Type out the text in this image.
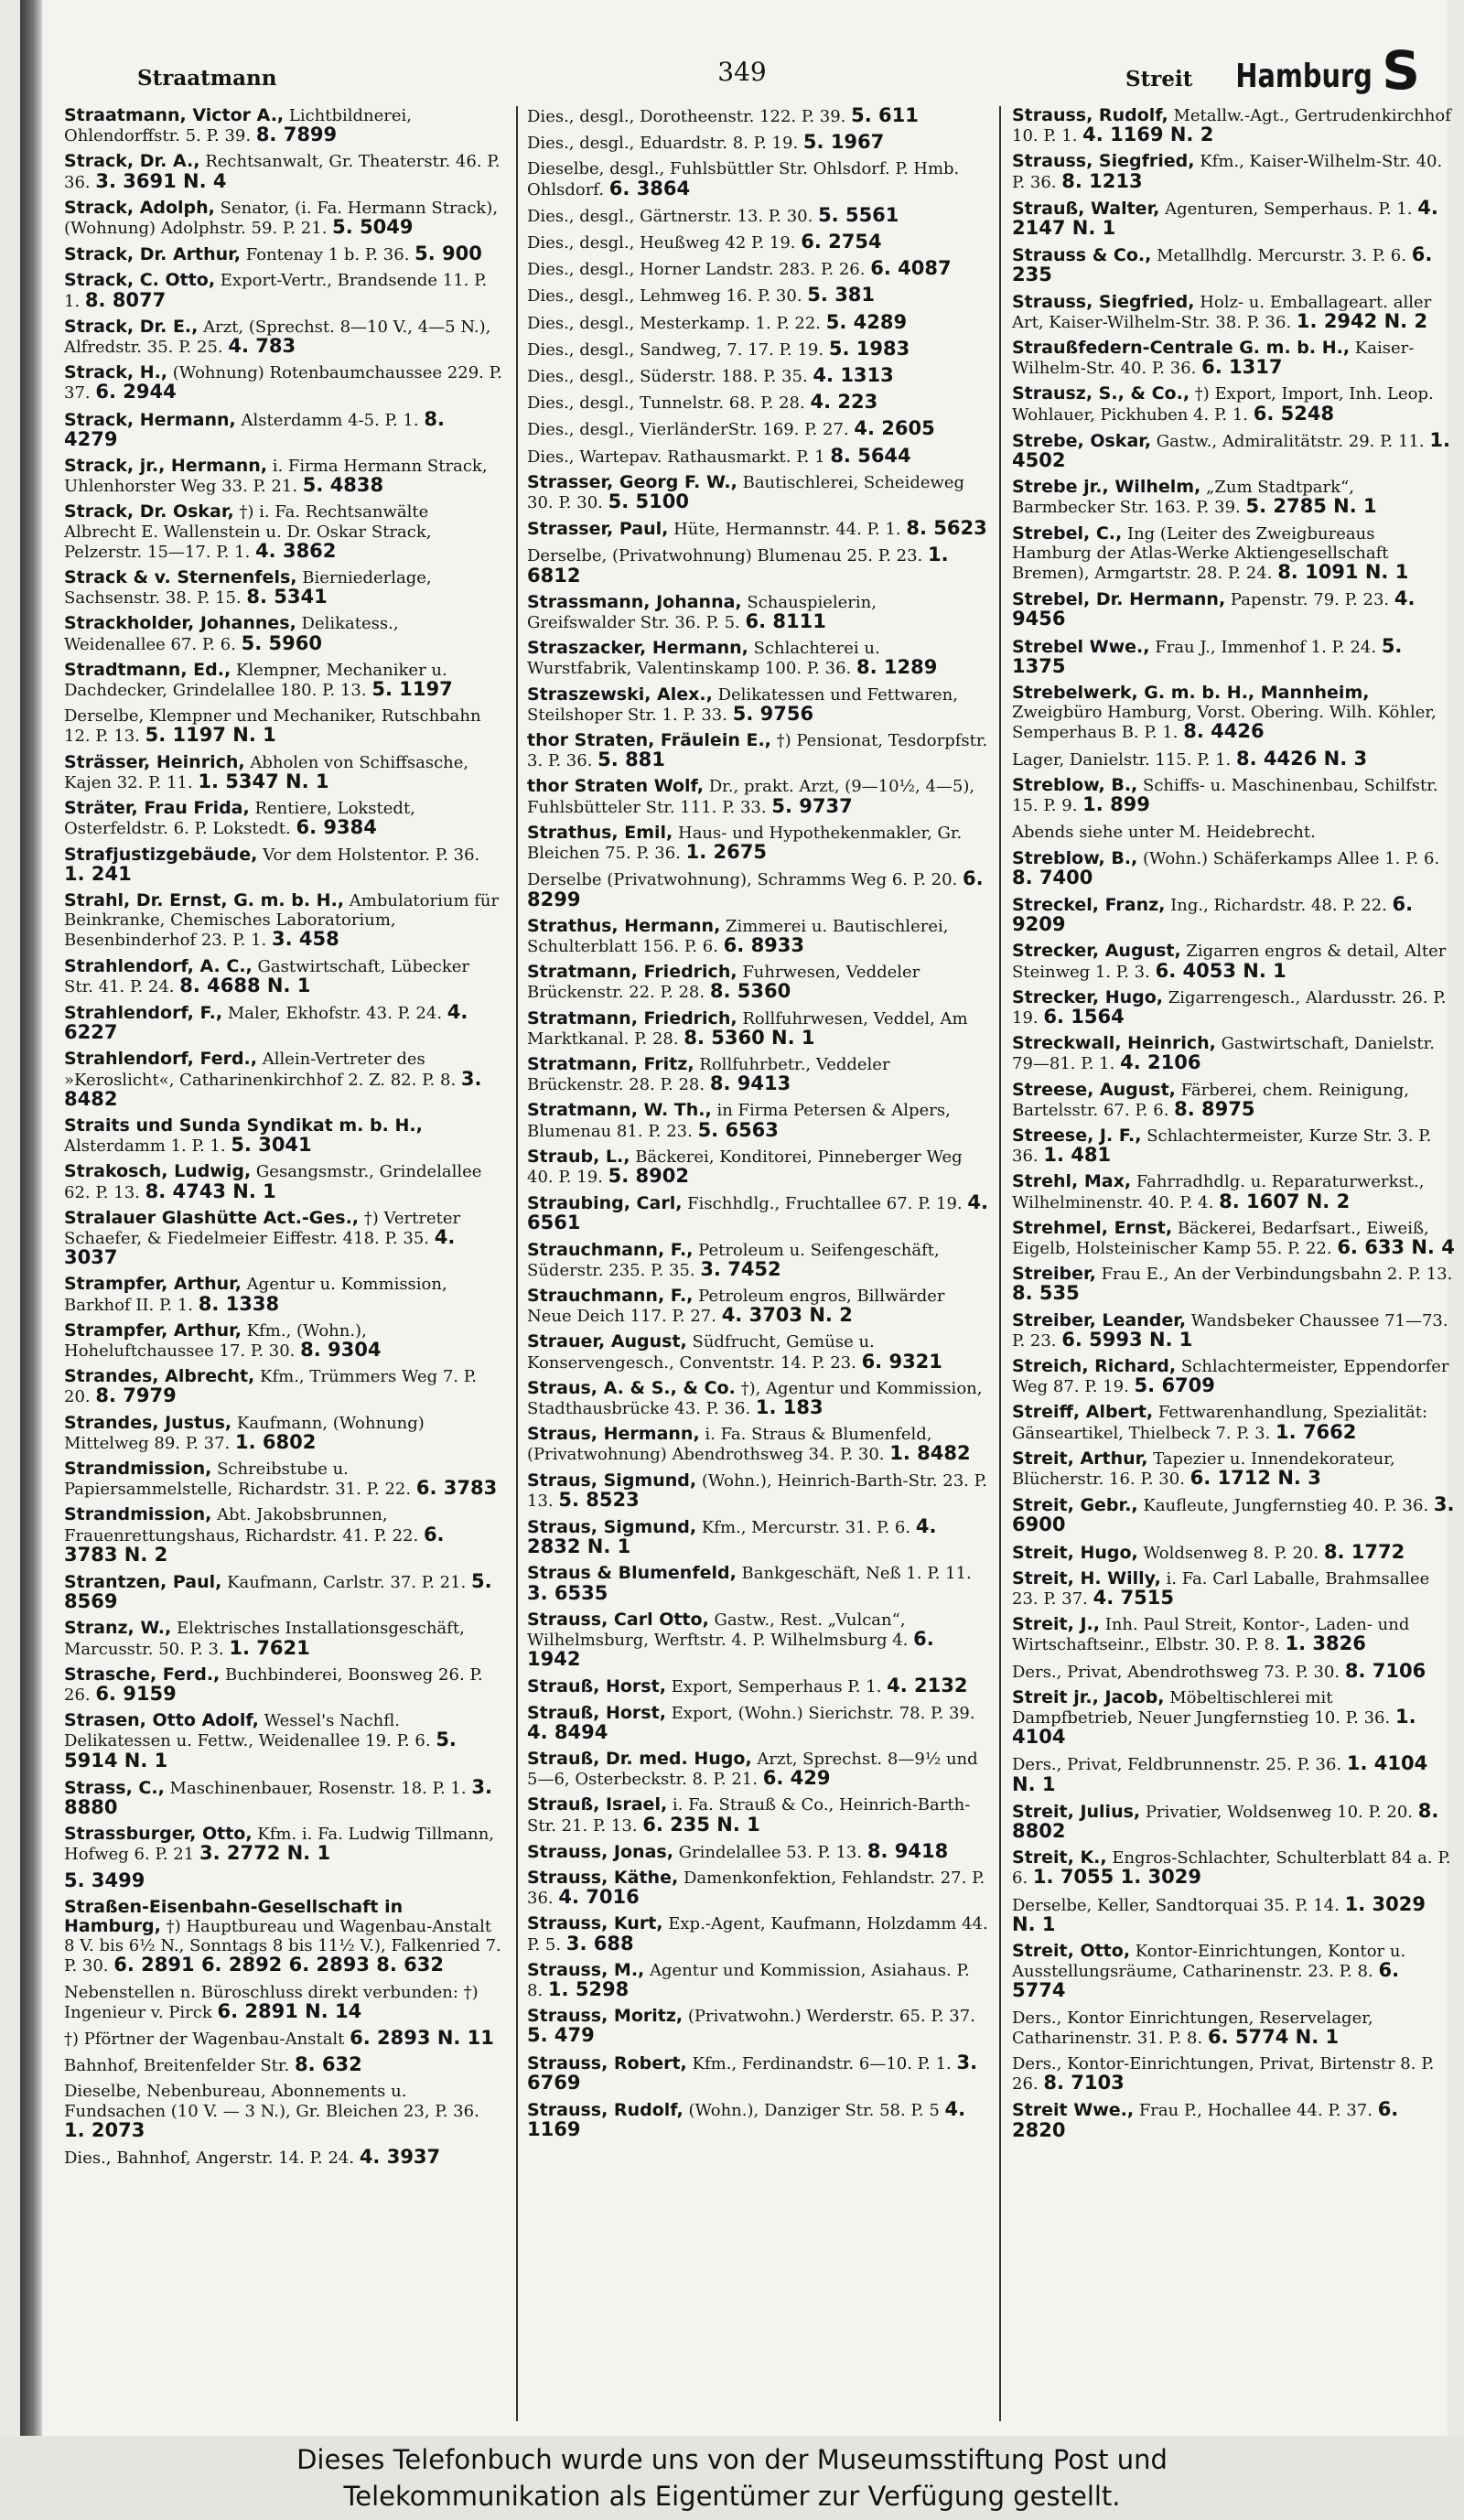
Straatmann	349	Streit Hamburg S
Straatmann, Victor A., Lichtbildnerei, Ohlendorffstr. 5. P. 39. 8. 7899
Strack, Dr. A., Rechtsanwalt, Gr. Theaterstr. 46. P. 36. 3. 3691 N. 4
Strack, Adolph, Senator, (i. Fa. Hermann Strack), (Wohnung) Adolphstr. 59. P. 21. 5. 5049
Strack, Dr. Arthur, Fontenay 1 b. P. 36. 5. 900
Strack, C. Otto, Export-Vertr., Brandsende 11. P. 1. 8. 8077
Strack, Dr. E., Arzt, (Sprechst. 8—10 V., 4—5 N.), Alfredstr. 35. P. 25. 4. 783
Strack, H., (Wohnung) Rotenbaumchaussee 229. P. 37. 6. 2944
Strack, Hermann, Alsterdamm 4-5. P. 1. 8. 4279
Strack, jr., Hermann, i. Firma Hermann Strack, Uhlenhorster Weg 33. P. 21. 5. 4838
Strack, Dr. Oskar, †) i. Fa. Rechtsanwälte Albrecht E. Wallenstein u. Dr. Oskar Strack, Pelzerstr. 15—17. P. 1. 4. 3862
Strack & v. Sternenfels, Bierniederlage, Sachsenstr. 38. P. 15. 8. 5341
Strackholder, Johannes, Delikatess., Weidenallee 67. P. 6. 5. 5960
Stradtmann, Ed., Klempner, Mechaniker u. Dachdecker, Grindelallee 180. P. 13. 5. 1197
Derselbe, Klempner und Mechaniker, Rutschbahn 12. P. 13. 5. 1197 N. 1
Strässer, Heinrich, Abholen von Schiffsasche, Kajen 32. P. 11. 1. 5347 N. 1
Sträter, Frau Frida, Rentiere, Lokstedt, Osterfeldstr. 6. P. Lokstedt. 6. 9384
Strafjustizgebäude, Vor dem Holstentor. P. 36. 1. 241
Strahl, Dr. Ernst, G. m. b. H., Ambulatorium für Beinkranke, Chemisches Laboratorium, Besenbinderhof 23. P. 1. 3. 458
Strahlendorf, A. C., Gastwirtschaft, Lübecker Str. 41. P. 24. 8. 4688 N. 1
Strahlendorf, F., Maler, Ekhofstr. 43. P. 24. 4. 6227
Strahlendorf, Ferd., Allein-Vertreter des »Keroslicht«, Catharinenkirchhof 2. Z. 82. P. 8. 3. 8482
Straits und Sunda Syndikat m. b. H., Alsterdamm 1. P. 1. 5. 3041
Strakosch, Ludwig, Gesangsmstr., Grindelallee 62. P. 13. 8. 4743 N. 1
Stralauer Glashütte Act.-Ges., †) Vertreter Schaefer, & Fiedelmeier Eiffestr. 418. P. 35. 4. 3037
Strampfer, Arthur, Agentur u. Kommission, Barkhof II. P. 1. 8. 1338
Strampfer, Arthur, Kfm., (Wohn.), Hoheluftchaussee 17. P. 30. 8. 9304
Strandes, Albrecht, Kfm., Trümmers Weg 7. P. 20. 8. 7979
Strandes, Justus, Kaufmann, (Wohnung) Mittelweg 89. P. 37. 1. 6802
Strandmission, Schreibstube u. Papiersammelstelle, Richardstr. 31. P. 22. 6. 3783
Strandmission, Abt. Jakobsbrunnen, Frauenrettungshaus, Richardstr. 41. P. 22. 6. 3783 N. 2
Strantzen, Paul, Kaufmann, Carlstr. 37. P. 21. 5. 8569
Stranz, W., Elektrisches Installationsgeschäft, Marcusstr. 50. P. 3. 1. 7621
Strasche, Ferd., Buchbinderei, Boonsweg 26. P. 26. 6. 9159
Strasen, Otto Adolf, Wessel's Nachfl. Delikatessen u. Fettw., Weidenallee 19. P. 6. 5. 5914 N. 1
Strass, C., Maschinenbauer, Rosenstr. 18. P. 1. 3. 8880
Strassburger, Otto, Kfm. i. Fa. Ludwig Tillmann, Hofweg 6. P. 21 3. 2772 N. 1
5. 3499
Straßen-Eisenbahn-Gesellschaft in Hamburg, †) Hauptbureau und Wagenbau-Anstalt 8 V. bis 6½ N., Sonntags 8 bis 11½ V.), Falkenried 7. P. 30. 6. 2891 6. 2892 6. 2893 8. 632
Nebenstellen n. Büroschluss direkt verbunden: †) Ingenieur v. Pirck 6. 2891 N. 14
†) Pförtner der Wagenbau-Anstalt 6. 2893 N. 11
Bahnhof, Breitenfelder Str. 8. 632
Dieselbe, Nebenbureau, Abonnements u. Fundsachen (10 V. — 3 N.), Gr. Bleichen 23, P. 36. 1. 2073
Dies., Bahnhof, Angerstr. 14. P. 24. 4. 3937
Dies., desgl., Dorotheenstr. 122. P. 39. 5. 611
Dies., desgl., Eduardstr. 8. P. 19. 5. 1967
Dieselbe, desgl., Fuhlsbüttler Str. Ohlsdorf. P. Hmb. Ohlsdorf. 6. 3864
Dies., desgl., Gärtnerstr. 13. P. 30. 5. 5561
Dies., desgl., Heußweg 42 P. 19. 6. 2754
Dies., desgl., Horner Landstr. 283. P. 26. 6. 4087
Dies., desgl., Lehmweg 16. P. 30. 5. 381
Dies., desgl., Mesterkamp. 1. P. 22. 5. 4289
Dies., desgl., Sandweg, 7. 17. P. 19. 5. 1983
Dies., desgl., Süderstr. 188. P. 35. 4. 1313
Dies., desgl., Tunnelstr. 68. P. 28. 4. 223
Dies., desgl., VierländerStr. 169. P. 27. 4. 2605
Dies., Wartepav. Rathausmarkt. P. 1 8. 5644
Strasser, Georg F. W., Bautischlerei, Scheideweg 30. P. 30. 5. 5100
Strasser, Paul, Hüte, Hermannstr. 44. P. 1. 8. 5623
Derselbe, (Privatwohnung) Blumenau 25. P. 23. 1. 6812
Strassmann, Johanna, Schauspielerin, Greifswalder Str. 36. P. 5. 6. 8111
Straszacker, Hermann, Schlachterei u. Wurstfabrik, Valentinskamp 100. P. 36. 8. 1289
Straszewski, Alex., Delikatessen und Fettwaren, Steilshoper Str. 1. P. 33. 5. 9756
thor Straten, Fräulein E., †) Pensionat, Tesdorpfstr. 3. P. 36. 5. 881
thor Straten Wolf, Dr., prakt. Arzt, (9—10½, 4—5), Fuhlsbütteler Str. 111. P. 33. 5. 9737
Strathus, Emil, Haus- und Hypothekenmakler, Gr. Bleichen 75. P. 36. 1. 2675
Derselbe (Privatwohnung), Schramms Weg 6. P. 20. 6. 8299
Strathus, Hermann, Zimmerei u. Bautischlerei, Schulterblatt 156. P. 6. 6. 8933
Stratmann, Friedrich, Fuhrwesen, Veddeler Brückenstr. 22. P. 28. 8. 5360
Stratmann, Friedrich, Rollfuhrwesen, Veddel, Am Marktkanal. P. 28. 8. 5360 N. 1
Stratmann, Fritz, Rollfuhrbetr., Veddeler Brückenstr. 28. P. 28. 8. 9413
Stratmann, W. Th., in Firma Petersen & Alpers, Blumenau 81. P. 23. 5. 6563
Straub, L., Bäckerei, Konditorei, Pinneberger Weg 40. P. 19. 5. 8902
Straubing, Carl, Fischhdlg., Fruchtallee 67. P. 19. 4. 6561
Strauchmann, F., Petroleum u. Seifengeschäft, Süderstr. 235. P. 35. 3. 7452
Strauchmann, F., Petroleum engros, Billwärder Neue Deich 117. P. 27. 4. 3703 N. 2
Strauer, August, Südfrucht, Gemüse u. Konservengesch., Conventstr. 14. P. 23. 6. 9321
Straus, A. & S., & Co. †), Agentur und Kommission, Stadthausbrücke 43. P. 36. 1. 183
Straus, Hermann, i. Fa. Straus & Blumenfeld, (Privatwohnung) Abendrothsweg 34. P. 30. 1. 8482
Straus, Sigmund, (Wohn.), Heinrich-Barth-Str. 23. P. 13. 5. 8523
Straus, Sigmund, Kfm., Mercurstr. 31. P. 6. 4. 2832 N. 1
Straus & Blumenfeld, Bankgeschäft, Neß 1. P. 11. 3. 6535
Strauss, Carl Otto, Gastw., Rest. „Vulcan“, Wilhelmsburg, Werftstr. 4. P. Wilhelmsburg 4. 6. 1942
Strauß, Horst, Export, Semperhaus P. 1. 4. 2132
Strauß, Horst, Export, (Wohn.) Sierichstr. 78. P. 39. 4. 8494
Strauß, Dr. med. Hugo, Arzt, Sprechst. 8—9½ und 5—6, Osterbeckstr. 8. P. 21. 6. 429
Strauß, Israel, i. Fa. Strauß & Co., Heinrich-Barth-Str. 21. P. 13. 6. 235 N. 1
Strauss, Jonas, Grindelallee 53. P. 13. 8. 9418
Strauss, Käthe, Damenkonfektion, Fehlandstr. 27. P. 36. 4. 7016
Strauss, Kurt, Exp.-Agent, Kaufmann, Holzdamm 44. P. 5. 3. 688
Strauss, M., Agentur und Kommission, Asiahaus. P. 8. 1. 5298
Strauss, Moritz, (Privatwohn.) Werderstr. 65. P. 37. 5. 479
Strauss, Robert, Kfm., Ferdinandstr. 6—10. P. 1. 3. 6769
Strauss, Rudolf, (Wohn.), Danziger Str. 58. P. 5 4. 1169
Strauss, Rudolf, Metallw.-Agt., Gertrudenkirchhof 10. P. 1. 4. 1169 N. 2
Strauss, Siegfried, Kfm., Kaiser-Wilhelm-Str. 40. P. 36. 8. 1213
Strauß, Walter, Agenturen, Semperhaus. P. 1. 4. 2147 N. 1
Strauss & Co., Metallhdlg. Mercurstr. 3. P. 6. 6. 235
Strauss, Siegfried, Holz- u. Emballageart. aller Art, Kaiser-Wilhelm-Str. 38. P. 36. 1. 2942 N. 2
Straußfedern-Centrale G. m. b. H., Kaiser-Wilhelm-Str. 40. P. 36. 6. 1317
Strausz, S., & Co., †) Export, Import, Inh. Leop. Wohlauer, Pickhuben 4. P. 1. 6. 5248
Strebe, Oskar, Gastw., Admiralitätstr. 29. P. 11. 1. 4502
Strebe jr., Wilhelm, „Zum Stadtpark“, Barmbecker Str. 163. P. 39. 5. 2785 N. 1
Strebel, C., Ing (Leiter des Zweigbureaus Hamburg der Atlas-Werke Aktiengesellschaft Bremen), Armgartstr. 28. P. 24. 8. 1091 N. 1
Strebel, Dr. Hermann, Papenstr. 79. P. 23. 4. 9456
Strebel Wwe., Frau J., Immenhof 1. P. 24. 5. 1375
Strebelwerk, G. m. b. H., Mannheim, Zweigbüro Hamburg, Vorst. Obering. Wilh. Köhler, Semperhaus B. P. 1. 8. 4426
Lager, Danielstr. 115. P. 1. 8. 4426 N. 3
Streblow, B., Schiffs- u. Maschinenbau, Schilfstr. 15. P. 9. 1. 899
Abends siehe unter M. Heidebrecht.
Streblow, B., (Wohn.) Schäferkamps Allee 1. P. 6. 8. 7400
Streckel, Franz, Ing., Richardstr. 48. P. 22. 6. 9209
Strecker, August, Zigarren engros & detail, Alter Steinweg 1. P. 3. 6. 4053 N. 1
Strecker, Hugo, Zigarrengesch., Alardusstr. 26. P. 19. 6. 1564
Streckwall, Heinrich, Gastwirtschaft, Danielstr. 79—81. P. 1. 4. 2106
Streese, August, Färberei, chem. Reinigung, Bartelsstr. 67. P. 6. 8. 8975
Streese, J. F., Schlachtermeister, Kurze Str. 3. P. 36. 1. 481
Strehl, Max, Fahrradhdlg. u. Reparaturwerkst., Wilhelminenstr. 40. P. 4. 8. 1607 N. 2
Strehmel, Ernst, Bäckerei, Bedarfsart., Eiweiß, Eigelb, Holsteinischer Kamp 55. P. 22. 6. 633 N. 4
Streiber, Frau E., An der Verbindungsbahn 2. P. 13. 8. 535
Streiber, Leander, Wandsbeker Chaussee 71—73. P. 23. 6. 5993 N. 1
Streich, Richard, Schlachtermeister, Eppendorfer Weg 87. P. 19. 5. 6709
Streiff, Albert, Fettwarenhandlung, Spezialität: Gänseartikel, Thielbeck 7. P. 3. 1. 7662
Streit, Arthur, Tapezier u. Innendekorateur, Blücherstr. 16. P. 30. 6. 1712 N. 3
Streit, Gebr., Kaufleute, Jungfernstieg 40. P. 36. 3. 6900
Streit, Hugo, Woldsenweg 8. P. 20. 8. 1772
Streit, H. Willy, i. Fa. Carl Laballe, Brahmsallee 23. P. 37. 4. 7515
Streit, J., Inh. Paul Streit, Kontor-, Laden- und Wirtschaftseinr., Elbstr. 30. P. 8. 1. 3826
Ders., Privat, Abendrothsweg 73. P. 30. 8. 7106
Streit jr., Jacob, Möbeltischlerei mit Dampfbetrieb, Neuer Jungfernstieg 10. P. 36. 1. 4104
Ders., Privat, Feldbrunnenstr. 25. P. 36. 1. 4104 N. 1
Streit, Julius, Privatier, Woldsenweg 10. P. 20. 8. 8802
Streit, K., Engros-Schlachter, Schulterblatt 84 a. P. 6. 1. 7055 1. 3029
Derselbe, Keller, Sandtorquai 35. P. 14. 1. 3029 N. 1
Streit, Otto, Kontor-Einrichtungen, Kontor u. Ausstellungsräume, Catharinenstr. 23. P. 8. 6. 5774
Ders., Kontor Einrichtungen, Reservelager, Catharinenstr. 31. P. 8. 6. 5774 N. 1
Ders., Kontor-Einrichtungen, Privat, Birtenstr 8. P. 26. 8. 7103
Streit Wwe., Frau P., Hochallee 44. P. 37. 6. 2820
Dieses Telefonbuch wurde uns von der Museumsstiftung Post und
Telekommunikation als Eigentümer zur Verfügung gestellt.
